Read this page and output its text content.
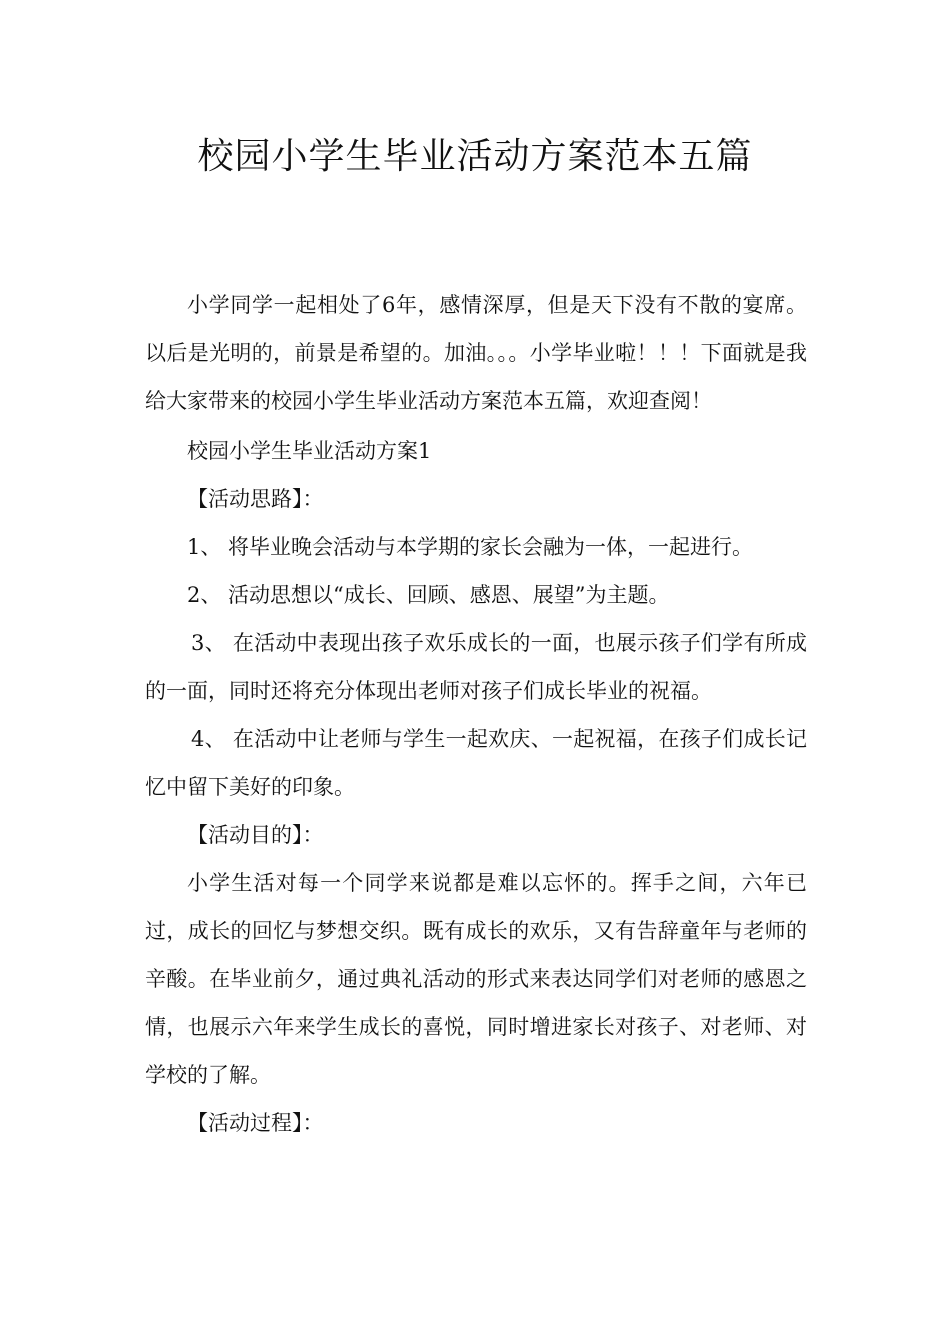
校园小学生毕业活动方案范本五篇

小学同学一起相处了6年，感情深厚，但是天下没有不散的宴席。以后是光明的，前景是希望的。加油。。。小学毕业啦！！！下面就是我给大家带来的校园小学生毕业活动方案范本五篇，欢迎查阅！

校园小学生毕业活动方案1

【活动思路】：

1、 将毕业晚会活动与本学期的家长会融为一体，一起进行。

2、 活动思想以“成长、回顾、感恩、展望”为主题。

3、 在活动中表现出孩子欢乐成长的一面，也展示孩子们学有所成的一面，同时还将充分体现出老师对孩子们成长毕业的祝福。

4、 在活动中让老师与学生一起欢庆、一起祝福，在孩子们成长记忆中留下美好的印象。

【活动目的】：

小学生活对每一个同学来说都是难以忘怀的。挥手之间，六年已过，成长的回忆与梦想交织。既有成长的欢乐，又有告辞童年与老师的辛酸。在毕业前夕，通过典礼活动的形式来表达同学们对老师的感恩之情，也展示六年来学生成长的喜悦，同时增进家长对孩子、对老师、对学校的了解。

【活动过程】：
